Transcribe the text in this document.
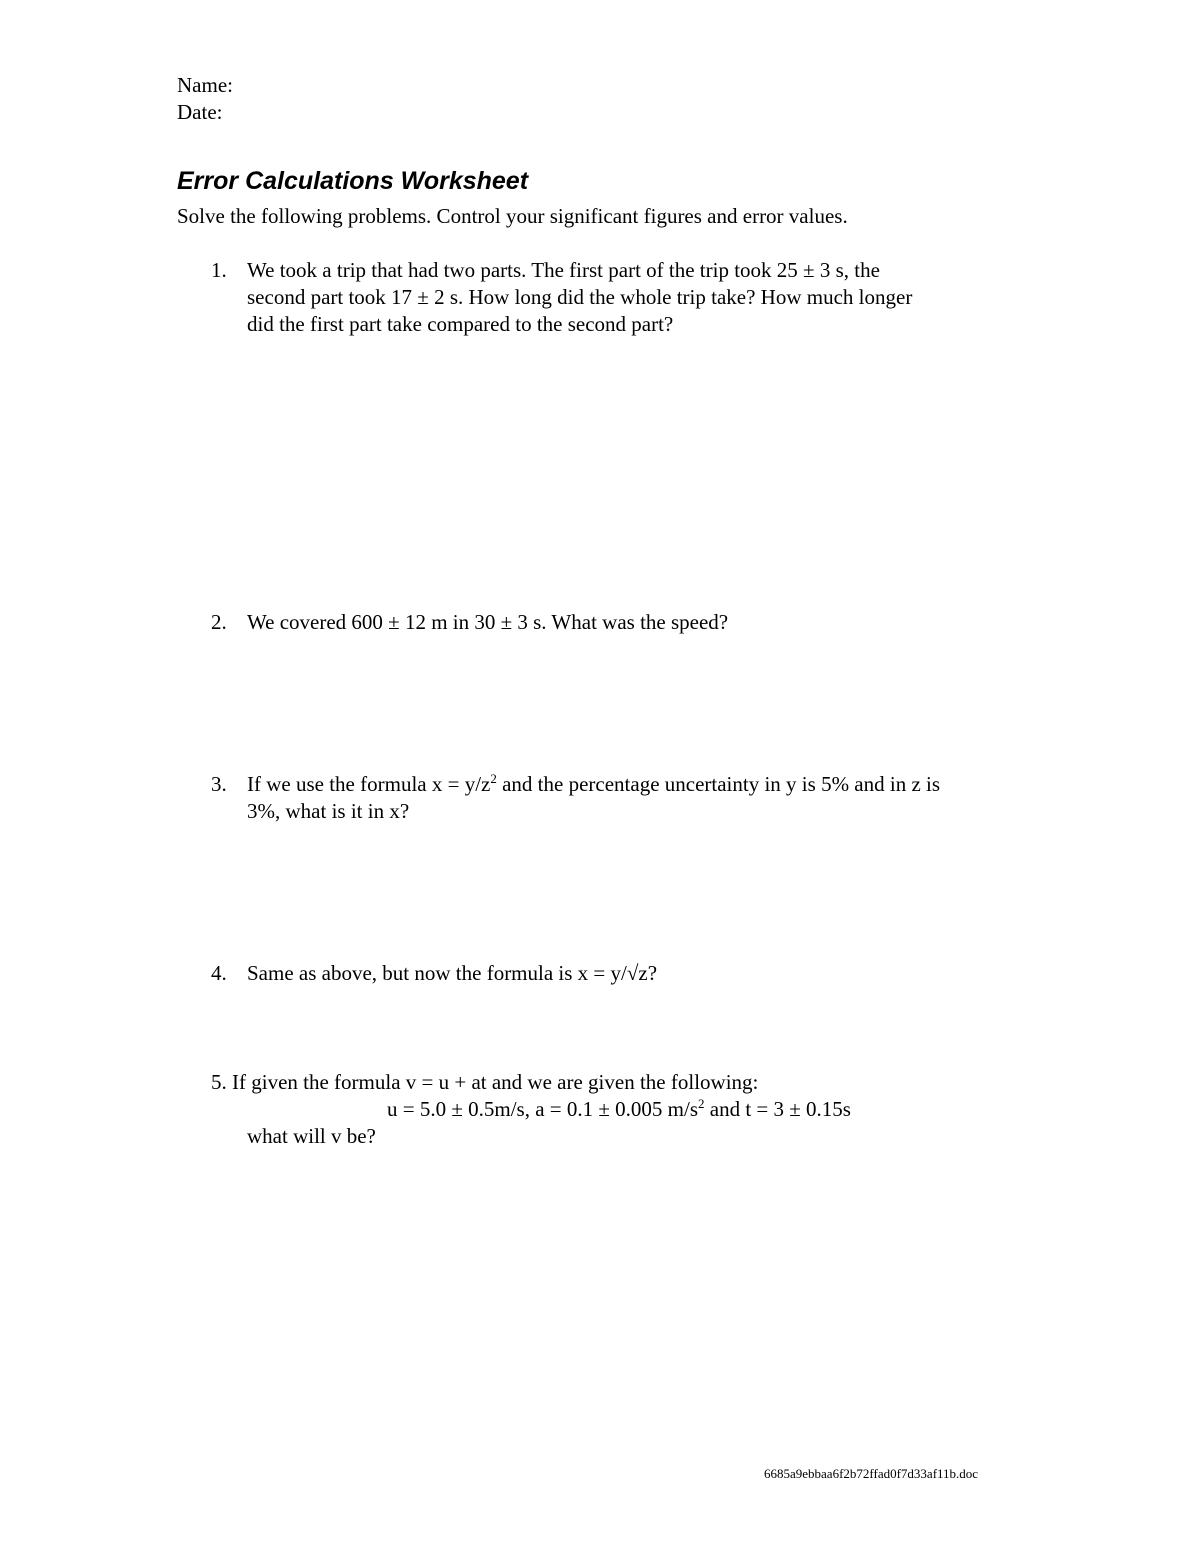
Name:
Date:
Error Calculations Worksheet
Solve the following problems. Control your significant figures and error values.
1. We took a trip that had two parts. The first part of the trip took 25 ± 3 s, the
second part took 17 ± 2 s. How long did the whole trip take? How much longer
did the first part take compared to the second part?
2. We covered 600 ± 12 m in 30 ± 3 s. What was the speed?
3. If we use the formula $x = y/z^2$ and the percentage uncertainty in y is 5% and in z is
3%, what is it in x?
4. Same as above, but now the formula is x = y/√z?
5. If given the formula v = u + at and we are given the following:
u = 5.0 ± 0.5m/s, a = 0.1 ± 0.005 $m/s^2$ and t = 3 ± 0.15s
what will v be?
6685a9ebbaa6f2b72ffad0f7d33af11b.doc
